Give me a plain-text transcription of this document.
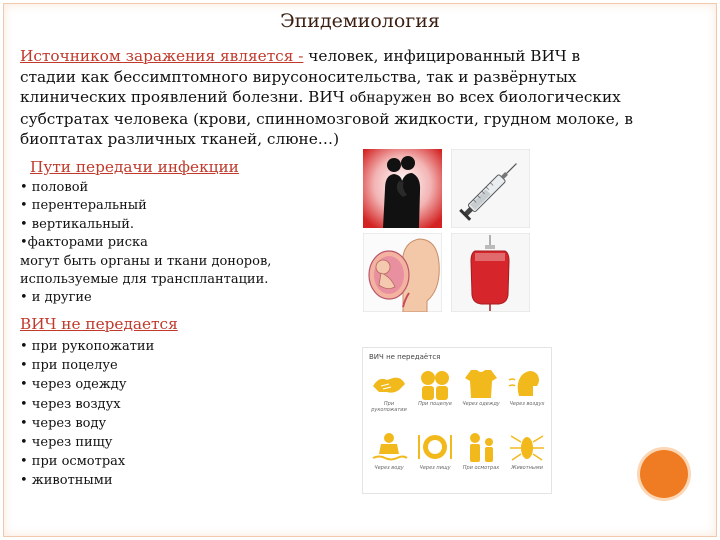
Эпидемиология

Источником заражения является - человек, инфицированный ВИЧ в
стадии как бессимптомного вирусоносительства, так и развёрнутых
клинических проявлений болезни. ВИЧ обнаружен во всех биологических
субстратах человека (крови, спинномозговой жидкости, грудном молоке, в
биоптатах различных тканей, слюне…)

Пути передачи инфекции
• половой
• перентеральный
• вертикальный.
•факторами риска
могут быть органы и ткани доноров,
используемые для трансплантации.
• и другие
ВИЧ не передается
• при рукопожатии
• при поцелуе
• через одежду
• через воздух
• через воду
• через пищу
• при осмотрах
• животными
ВИЧ не передаётся
При рукопожатии
При поцелуе	Через одежду	Через воздух
Через воду	Через пищу	При осмотрах	Животными
